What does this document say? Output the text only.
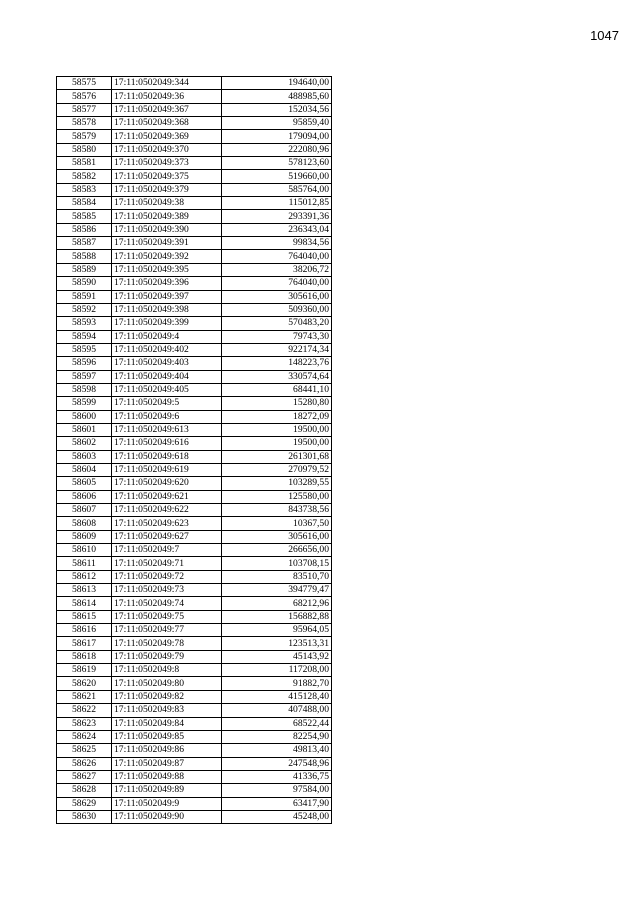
1047
58575	17:11:0502049:344	194640,00
58576	17:11:0502049:36	488985,60
58577	17:11:0502049:367	152034,56
58578	17:11:0502049:368	95859,40
58579	17:11:0502049:369	179094,00
58580	17:11:0502049:370	222080,96
58581	17:11:0502049:373	578123,60
58582	17:11:0502049:375	519660,00
58583	17:11:0502049:379	585764,00
58584	17:11:0502049:38	115012,85
58585	17:11:0502049:389	293391,36
58586	17:11:0502049:390	236343,04
58587	17:11:0502049:391	99834,56
58588	17:11:0502049:392	764040,00
58589	17:11:0502049:395	38206,72
58590	17:11:0502049:396	764040,00
58591	17:11:0502049:397	305616,00
58592	17:11:0502049:398	509360,00
58593	17:11:0502049:399	570483,20
58594	17:11:0502049:4	79743,30
58595	17:11:0502049:402	922174,34
58596	17:11:0502049:403	148223,76
58597	17:11:0502049:404	330574,64
58598	17:11:0502049:405	68441,10
58599	17:11:0502049:5	15280,80
58600	17:11:0502049:6	18272,09
58601	17:11:0502049:613	19500,00
58602	17:11:0502049:616	19500,00
58603	17:11:0502049:618	261301,68
58604	17:11:0502049:619	270979,52
58605	17:11:0502049:620	103289,55
58606	17:11:0502049:621	125580,00
58607	17:11:0502049:622	843738,56
58608	17:11:0502049:623	10367,50
58609	17:11:0502049:627	305616,00
58610	17:11:0502049:7	266656,00
58611	17:11:0502049:71	103708,15
58612	17:11:0502049:72	83510,70
58613	17:11:0502049:73	394779,47
58614	17:11:0502049:74	68212,96
58615	17:11:0502049:75	156882,88
58616	17:11:0502049:77	95964,05
58617	17:11:0502049:78	123513,31
58618	17:11:0502049:79	45143,92
58619	17:11:0502049:8	117208,00
58620	17:11:0502049:80	91882,70
58621	17:11:0502049:82	415128,40
58622	17:11:0502049:83	407488,00
58623	17:11:0502049:84	68522,44
58624	17:11:0502049:85	82254,90
58625	17:11:0502049:86	49813,40
58626	17:11:0502049:87	247548,96
58627	17:11:0502049:88	41336,75
58628	17:11:0502049:89	97584,00
58629	17:11:0502049:9	63417,90
58630	17:11:0502049:90	45248,00
